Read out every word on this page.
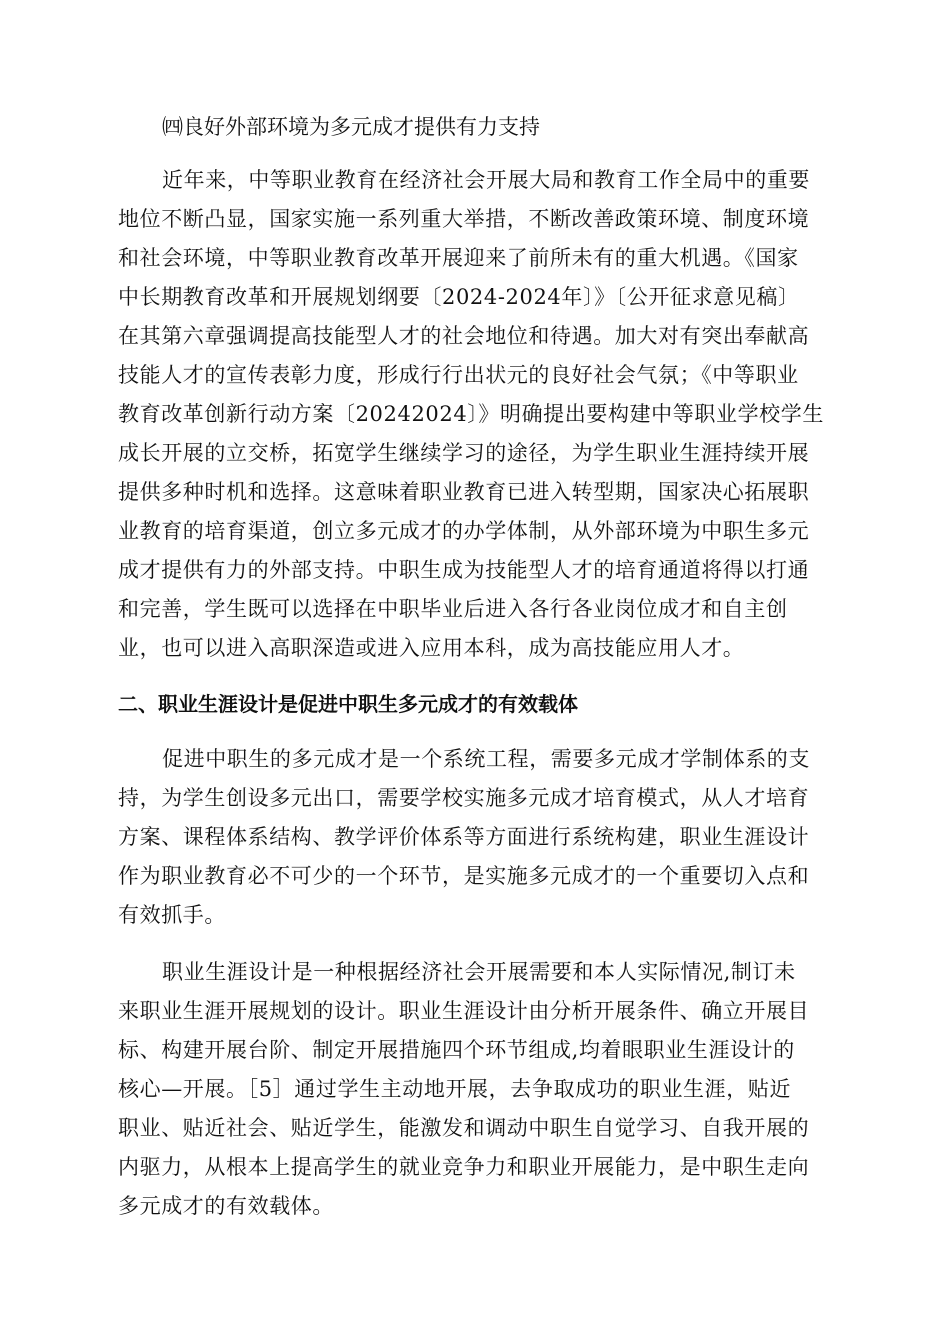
㈣良好外部环境为多元成才提供有力支持
近年来，中等职业教育在经济社会开展大局和教育工作全局中的重要
地位不断凸显，国家实施一系列重大举措，不断改善政策环境、制度环境
和社会环境，中等职业教育改革开展迎来了前所未有的重大机遇。《国家
中长期教育改革和开展规划纲要〔2024-2024年〕》〔公开征求意见稿〕
在其第六章强调提高技能型人才的社会地位和待遇。加大对有突出奉献高
技能人才的宣传表彰力度，形成行行出状元的良好社会气氛；《中等职业
教育改革创新行动方案〔20242024〕》明确提出要构建中等职业学校学生
成长开展的立交桥，拓宽学生继续学习的途径，为学生职业生涯持续开展
提供多种时机和选择。这意味着职业教育已进入转型期，国家决心拓展职
业教育的培育渠道，创立多元成才的办学体制，从外部环境为中职生多元
成才提供有力的外部支持。中职生成为技能型人才的培育通道将得以打通
和完善，学生既可以选择在中职毕业后进入各行各业岗位成才和自主创
业，也可以进入高职深造或进入应用本科，成为高技能应用人才。
二、职业生涯设计是促进中职生多元成才的有效载体
促进中职生的多元成才是一个系统工程，需要多元成才学制体系的支
持，为学生创设多元出口，需要学校实施多元成才培育模式，从人才培育
方案、课程体系结构、教学评价体系等方面进行系统构建，职业生涯设计
作为职业教育必不可少的一个环节，是实施多元成才的一个重要切入点和
有效抓手。
职业生涯设计是一种根据经济社会开展需要和本人实际情况,制订未
来职业生涯开展规划的设计。职业生涯设计由分析开展条件、确立开展目
标、构建开展台阶、制定开展措施四个环节组成,均着眼职业生涯设计的
核心—开展。［5］通过学生主动地开展，去争取成功的职业生涯，贴近
职业、贴近社会、贴近学生，能激发和调动中职生自觉学习、自我开展的
内驱力，从根本上提高学生的就业竞争力和职业开展能力，是中职生走向
多元成才的有效载体。
